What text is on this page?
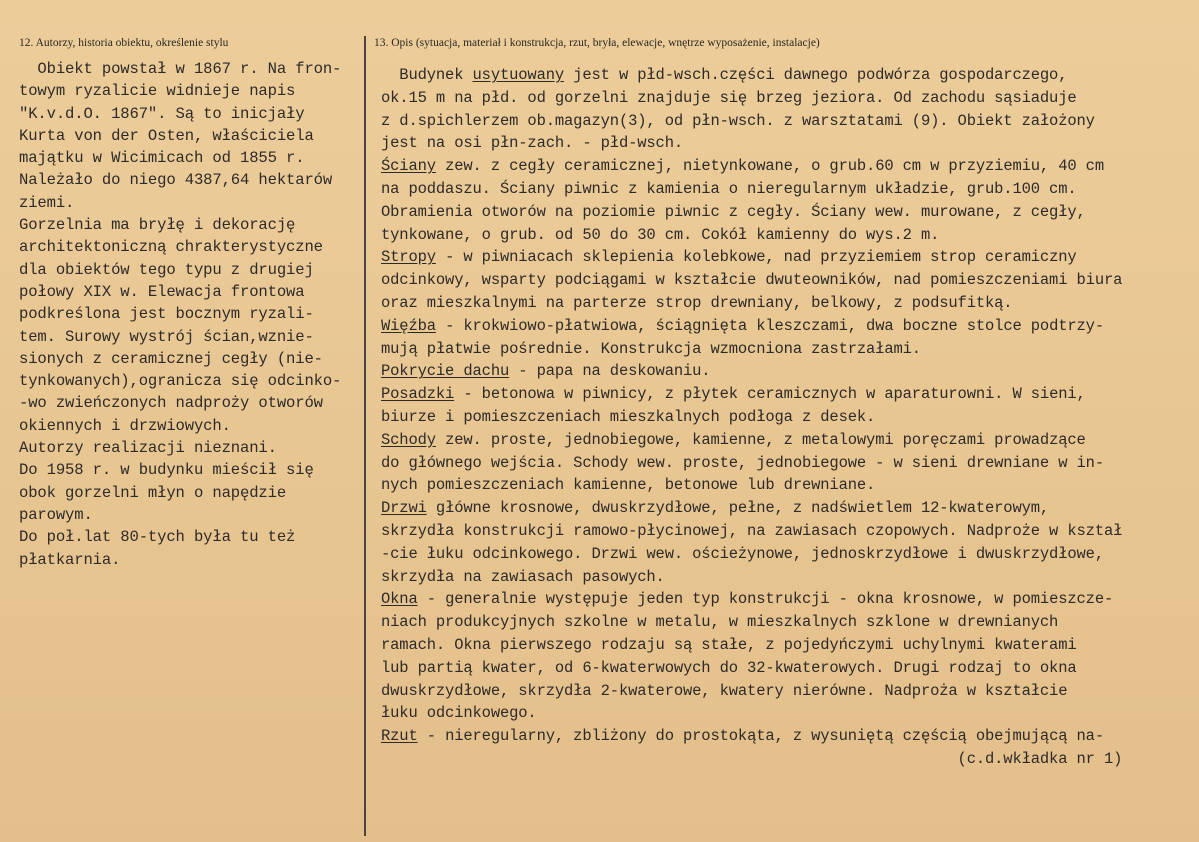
12. Autorzy, historia obiektu, określenie stylu	13. Opis (sytuacja, materiał i konstrukcja, rzut, bryła, elewacje, wnętrze wyposażenie, instalacje)
Obiekt powstał w 1867 r. Na fron-
towym ryzalicie widnieje napis
"K.v.d.O. 1867". Są to inicjały
Kurta von der Osten, właściciela
majątku w Wicimicach od 1855 r.
Należało do niego 4387,64 hektarów
ziemi.
Gorzelnia ma bryłę i dekorację
architektoniczną chrakterystyczne
dla obiektów tego typu z drugiej
połowy XIX w. Elewacja frontowa
podkreślona jest bocznym ryzali-
tem. Surowy wystrój ścian,wznie-
sionych z ceramicznej cegły (nie-
tynkowanych),ogranicza się odcinko-
-wo zwieńczonych nadproży otworów
okiennych i drzwiowych.
Autorzy realizacji nieznani.
Do 1958 r. w budynku mieścił się
obok gorzelni młyn o napędzie
parowym.
Do poł.lat 80-tych była tu też
płatkarnia.
Budynek usytuowany jest w płd-wsch.części dawnego podwórza gospodarczego,
ok.15 m na płd. od gorzelni znajduje się brzeg jeziora. Od zachodu sąsiaduje
z d.spichlerzem ob.magazyn(3), od płn-wsch. z warsztatami (9). Obiekt założony
jest na osi płn-zach. - płd-wsch.
Ściany zew. z cegły ceramicznej, nietynkowane, o grub.60 cm w przyziemiu, 40 cm
na poddaszu. Ściany piwnic z kamienia o nieregularnym układzie, grub.100 cm.
Obramienia otworów na poziomie piwnic z cegły. Ściany wew. murowane, z cegły,
tynkowane, o grub. od 50 do 30 cm. Cokół kamienny do wys.2 m.
Stropy - w piwniacach sklepienia kolebkowe, nad przyziemiem strop ceramiczny
odcinkowy, wsparty podciągami w kształcie dwuteowników, nad pomieszczeniami biura
oraz mieszkalnymi na parterze strop drewniany, belkowy, z podsufitką.
Więźba - krokwiowo-płatwiowa, ściągnięta kleszczami, dwa boczne stolce podtrzy-
mują płatwie pośrednie. Konstrukcja wzmocniona zastrzałami.
Pokrycie dachu - papa na deskowaniu.
Posadzki - betonowa w piwnicy, z płytek ceramicznych w aparaturowni. W sieni,
biurze i pomieszczeniach mieszkalnych podłoga z desek.
Schody zew. proste, jednobiegowe, kamienne, z metalowymi poręczami prowadzące
do głównego wejścia. Schody wew. proste, jednobiegowe - w sieni drewniane w in-
nych pomieszczeniach kamienne, betonowe lub drewniane.
Drzwi główne krosnowe, dwuskrzydłowe, pełne, z nadświetlem 12-kwaterowym,
skrzydła konstrukcji ramowo-płycinowej, na zawiasach czopowych. Nadproże w kształ
-cie łuku odcinkowego. Drzwi wew. ościeżynowe, jednoskrzydłowe i dwuskrzydłowe,
skrzydła na zawiasach pasowych.
Okna - generalnie występuje jeden typ konstrukcji - okna krosnowe, w pomieszcze-
niach produkcyjnych szkolne w metalu, w mieszkalnych szklone w drewnianych
ramach. Okna pierwszego rodzaju są stałe, z pojedyńczymi uchylnymi kwaterami
lub partią kwater, od 6-kwaterwowych do 32-kwaterowych. Drugi rodzaj to okna
dwuskrzydłowe, skrzydła 2-kwaterowe, kwatery nierówne. Nadproża w kształcie
łuku odcinkowego.
Rzut - nieregularny, zbliżony do prostokąta, z wysuniętą częścią obejmującą na-
(c.d.wkładka nr 1)
